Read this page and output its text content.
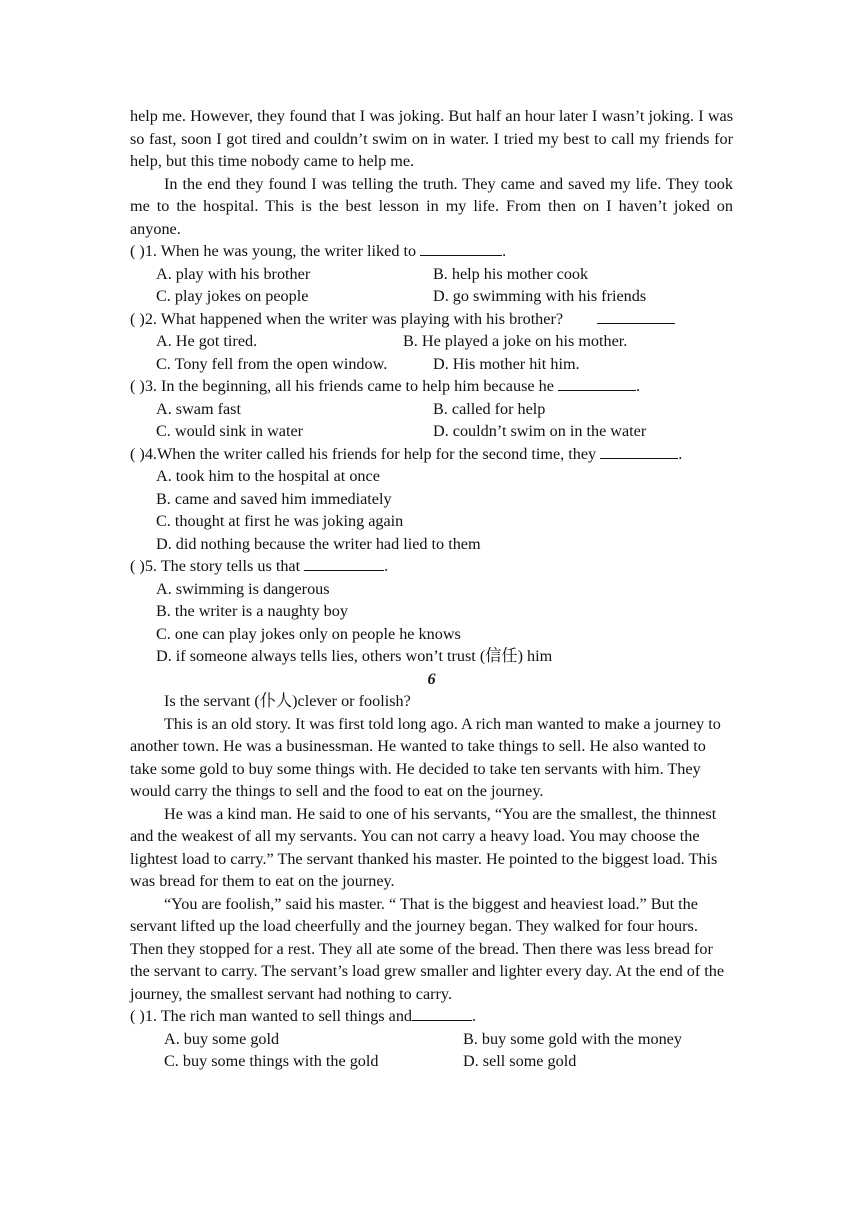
help me. However, they found that I was joking. But half an hour later I wasn’t joking. I was so fast, soon I got tired and couldn’t swim on in water. I tried my best to call my friends for help, but this time nobody came to help me.

In the end they found I was telling the truth. They came and saved my life. They took me to the hospital. This is the best lesson in my life. From then on I haven’t joked on anyone.

( )1. When he was young, the writer liked to	.

A. play with his brother	B. help his mother cook
C. play jokes on people	D. go swimming with his friends

( )2. What happened when the writer was playing with his brother?

A. He got tired.	B. He played a joke on his mother.
C. Tony fell from the open window.	D. His mother hit him.

( )3. In the beginning, all his friends came to help him because he	.

A. swam fast	B. called for help
C. would sink in water	D. couldn’t swim on in the water

( )4.When the writer called his friends for help for the second time, they	.

A. took him to the hospital at once

B. came and saved him immediately

C. thought at first he was joking again

D. did nothing because the writer had lied to them

( )5. The story tells us that	.

A. swimming is dangerous

B. the writer is a naughty boy

C. one can play jokes only on people he knows

D. if someone always tells lies, others won’t trust (信任) him

6

Is the servant (仆人)clever or foolish?

This is an old story. It was first told long ago. A rich man wanted to make a journey to another town. He was a businessman. He wanted to take things to sell. He also wanted to take some gold to buy some things with. He decided to take ten servants with him. They would carry the things to sell and the food to eat on the journey.

He was a kind man. He said to one of his servants, “You are the smallest, the thinnest and the weakest of all my servants. You can not carry a heavy load. You may choose the lightest load to carry.” The servant thanked his master. He pointed to the biggest load. This was bread for them to eat on the journey.

“You are foolish,” said his master. “ That is the biggest and heaviest load.” But the servant lifted up the load cheerfully and the journey began. They walked for four hours. Then they stopped for a rest. They all ate some of the bread. Then there was less bread for the servant to carry. The servant’s load grew smaller and lighter every day. At the end of the journey, the smallest servant had nothing to carry.

( )1. The rich man wanted to sell things and	.

A. buy some gold	B. buy some gold with the money
C. buy some things with the gold	D. sell some gold
